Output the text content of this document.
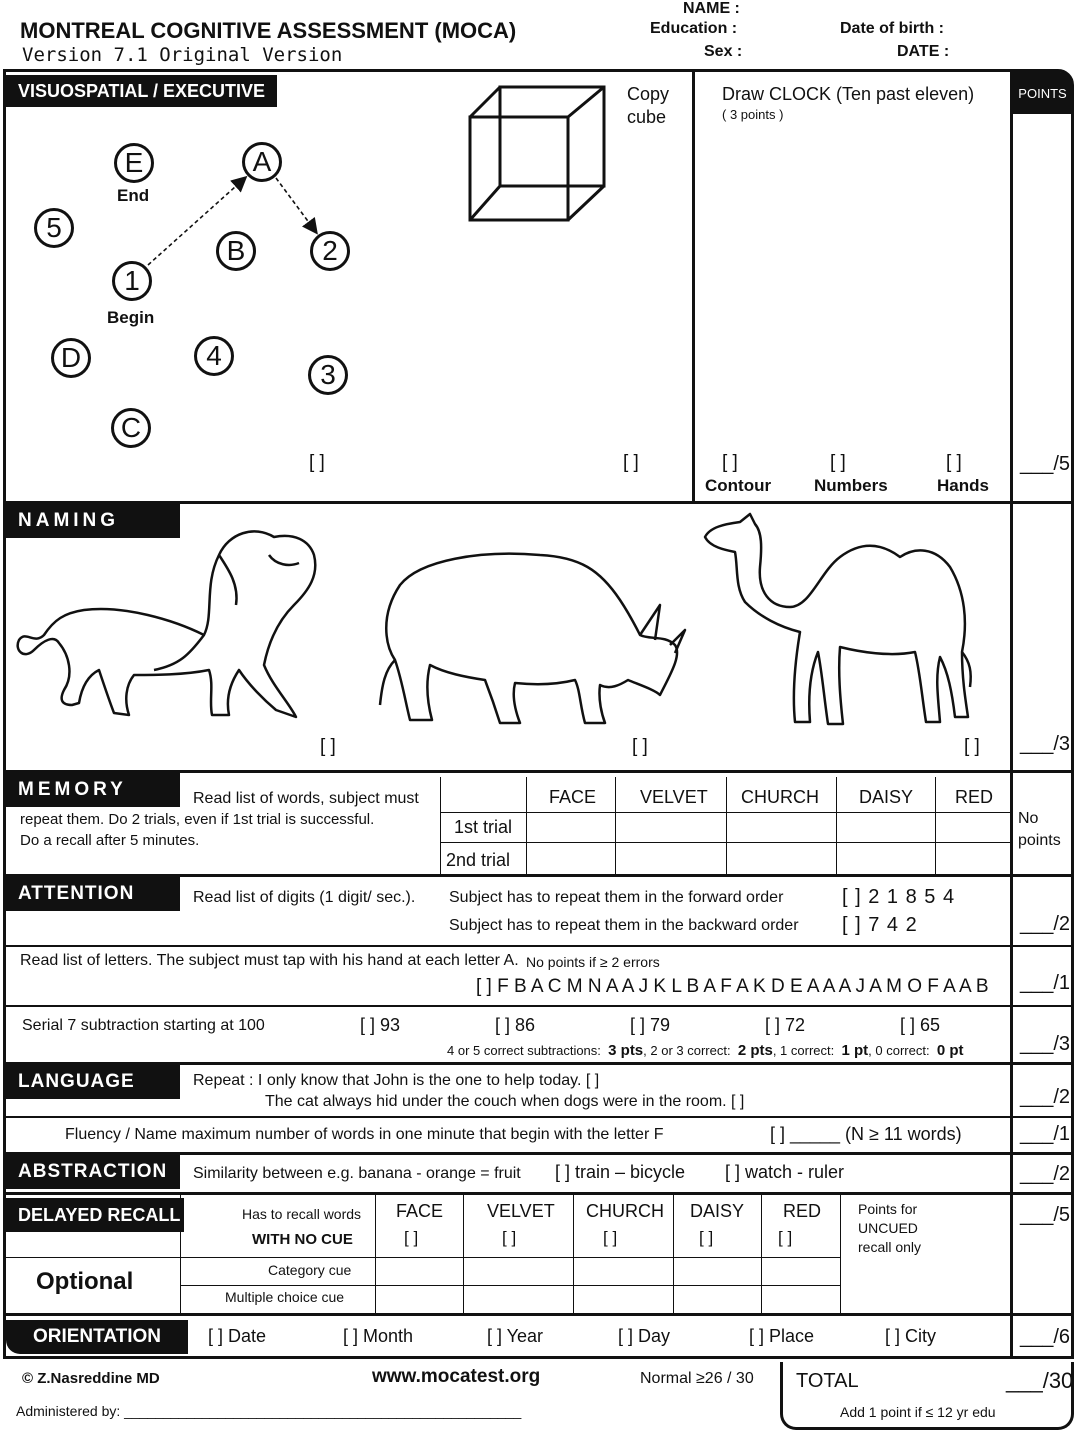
MONTREAL COGNITIVE ASSESSMENT (MOCA)
Version 7.1 Original Version
NAME :
Education :
Sex :
Date of birth :
DATE :
POINTS
VISUOSPATIAL / EXECUTIVE
E	A
5
B	2
1
D	4
3
C
End
Begin
[ ]
Copy
cube
[ ]
Draw CLOCK (Ten past eleven)
( 3 points )
[ ]	[ ]	[ ]
Contour	Numbers	Hands
___/5
NAMING
[ ]	[ ]	[ ] ___/3
MEMORY	Read list of words, subject must
repeat them. Do 2 trials, even if 1st trial is successful.
Do a recall after 5 minutes.
FACE VELVET CHURCH DAISY RED
1st trial
2nd trial
No
points
ATTENTION	Read list of digits (1 digit/ sec.). Subject has to repeat them in the forward order
Subject has to repeat them in the backward order
[ ] 2 1 8 5 4
[ ] 7 4 2	___/2
Read list of letters. The subject must tap with his hand at each letter A. No points if ≥ 2 errors
[ ] F B A C M N A A J K L B A F A K D E A A A J A M O F A A B ___/1
Serial 7 subtraction starting at 100	[ ] 93	[ ] 86	[ ] 79	[ ] 72	[ ] 65
4 or 5 correct subtractions: 3 pts, 2 or 3 correct: 2 pts, 1 correct: 1 pt, 0 correct: 0 pt	___/3
LANGUAGE	Repeat : I only know that John is the one to help today. [ ]
The cat always hid under the couch when dogs were in the room. [ ]	___/2
Fluency / Name maximum number of words in one minute that begin with the letter F	[ ] _____ (N ≥ 11 words)	___/1
ABSTRACTION	Similarity between e.g. banana - orange = fruit [ ] train – bicycle [ ] watch - ruler	___/2
DELAYED RECALL	Has to recall words
WITH NO CUE
FACE VELVET CHURCH DAISY RED
[ ]	[ ]	[ ]	[ ]	[ ]
Points for
UNCUED
recall only
Optional	Category cue
Multiple choice cue
___/5
ORIENTATION	[ ] Date	[ ] Month	[ ] Year	[ ] Day	[ ] Place	[ ] City	___/6
© Z.Nasreddine MD	www.mocatest.org	Normal ≥26 / 30
Administered by: ___________________________________________________
TOTAL	___/30
Add 1 point if ≤ 12 yr edu
